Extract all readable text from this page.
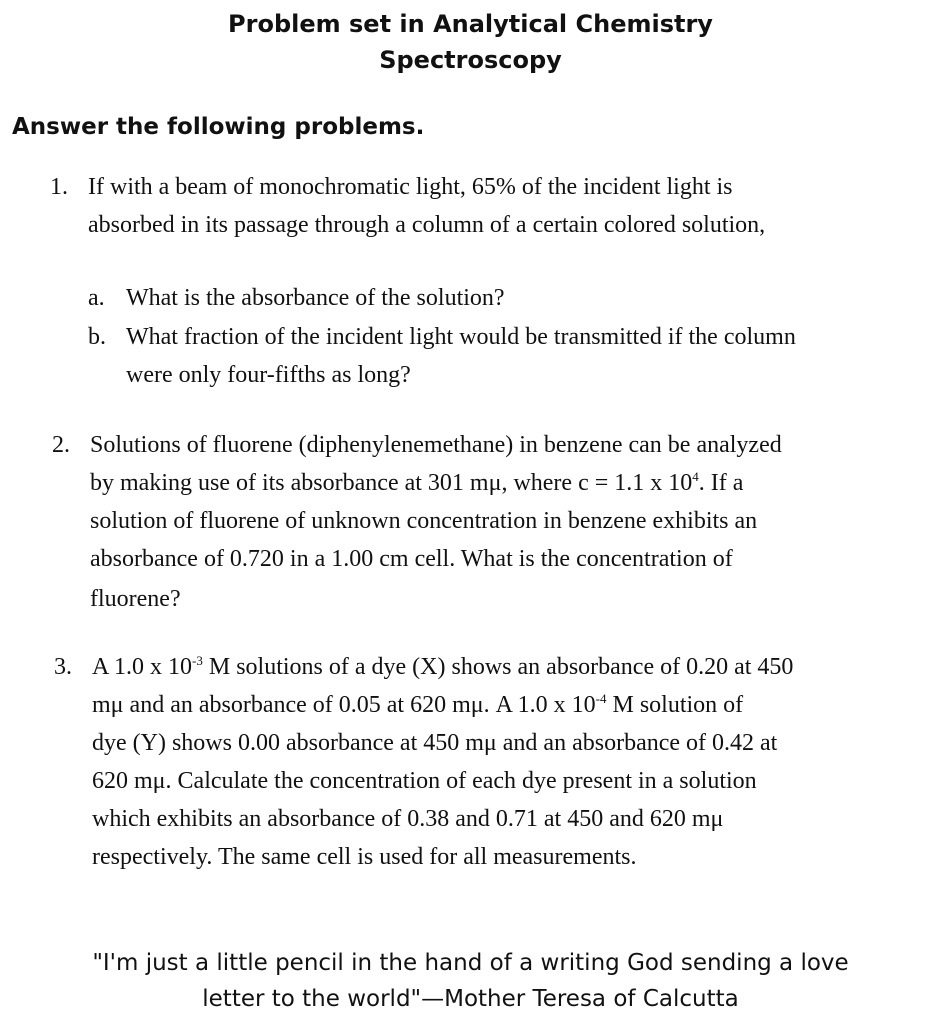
Problem set in Analytical Chemistry
Spectroscopy
Answer the following problems.
1. If with a beam of monochromatic light, 65% of the incident light is
absorbed in its passage through a column of a certain colored solution,
a. What is the absorbance of the solution?
b. What fraction of the incident light would be transmitted if the column
were only four-fifths as long?
2. Solutions of fluorene (diphenylenemethane) in benzene can be analyzed
by making use of its absorbance at 301 mμ, where c = 1.1 x $10^4$. If a
solution of fluorene of unknown concentration in benzene exhibits an
absorbance of 0.720 in a 1.00 cm cell. What is the concentration of
fluorene?
3. A 1.0 x $10^{-3}$ M solutions of a dye (X) shows an absorbance of 0.20 at 450
mμ and an absorbance of 0.05 at 620 mμ. A 1.0 x $10^{-4}$ M solution of
dye (Y) shows 0.00 absorbance at 450 mμ and an absorbance of 0.42 at
620 mμ. Calculate the concentration of each dye present in a solution
which exhibits an absorbance of 0.38 and 0.71 at 450 and 620 mμ
respectively. The same cell is used for all measurements.
"I'm just a little pencil in the hand of a writing God sending a love
letter to the world"—Mother Teresa of Calcutta
